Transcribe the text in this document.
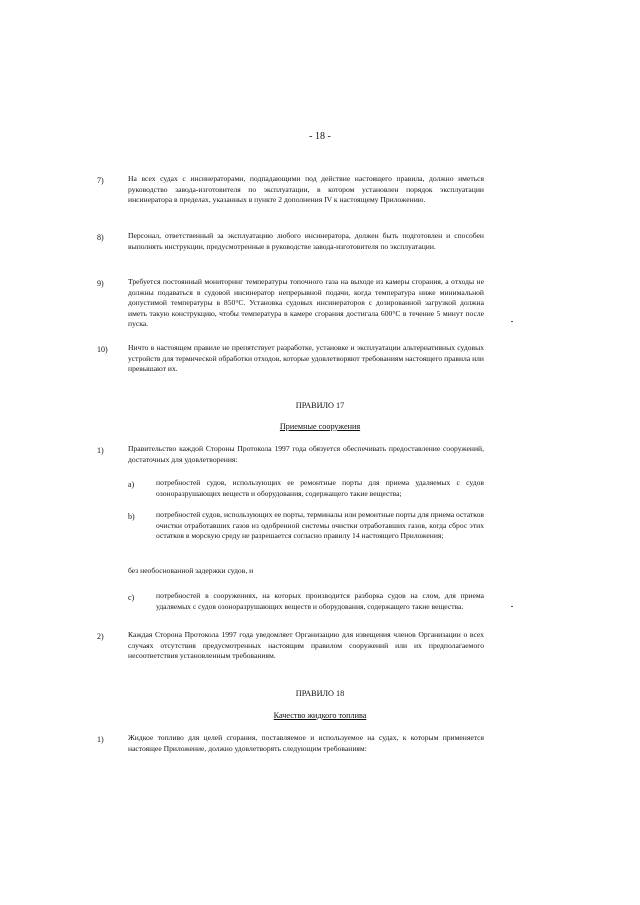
- 18 -
7)	На всех судах с инсинераторами, подпадающими под действие настоящего правила, должно иметься руководство завода-изготовителя по эксплуатации, в котором установлен порядок эксплуатации инсинератора в пределах, указанных в пункте 2 дополнения IV к настоящему Приложению.
8)	Персонал, ответственный за эксплуатацию любого инсинератора, должен быть подготовлен и способен выполнять инструкции, предусмотренные в руководстве завода-изготовителя по эксплуатации.
9)	Требуется постоянный мониторинг температуры топочного газа на выходе из камеры сгорания, а отходы не должны подаваться в судовой инсинератор непрерывной подачи, когда температура ниже минимальной допустимой температуры в 850°С. Установка судовых инсинераторов с дозированной загрузкой должна иметь такую конструкцию, чтобы температура в камере сгорания достигала 600°С в течение 5 минут после пуска.
10)	Ничто в настоящем правиле не препятствует разработке, установке и эксплуатации альтернативных судовых устройств для термической обработки отходов, которые удовлетворяют требованиям настоящего правила или превышают их.
ПРАВИЛО 17
Приемные сооружения
1)	Правительство каждой Стороны Протокола 1997 года обязуется обеспечивать предоставление сооружений, достаточных для удовлетворения:
a)	потребностей судов, использующих ее ремонтные порты для приема удаляемых с судов озоноразрушающих веществ и оборудования, содержащего такие вещества;
b)	потребностей судов, использующих ее порты, терминалы или ремонтные порты для приема остатков очистки отработавших газов из одобренной системы очистки отработавших газов, когда сброс этих остатков в морскую среду не разрешается согласно правилу 14 настоящего Приложения;
без необоснованной задержки судов, и
c)	потребностей в сооружениях, на которых производится разборка судов на слом, для приема удаляемых с судов озоноразрушающих веществ и оборудования, содержащего такие вещества.
2)	Каждая Сторона Протокола 1997 года уведомляет Организацию для извещения членов Организации о всех случаях отсутствия предусмотренных настоящим правилом сооружений или их предполагаемого несоответствия установленным требованиям.
ПРАВИЛО 18
Качество жидкого топлива
1)	Жидкое топливо для целей сгорания, поставляемое и используемое на судах, к которым применяется настоящее Приложение, должно удовлетворять следующим требованиям:
